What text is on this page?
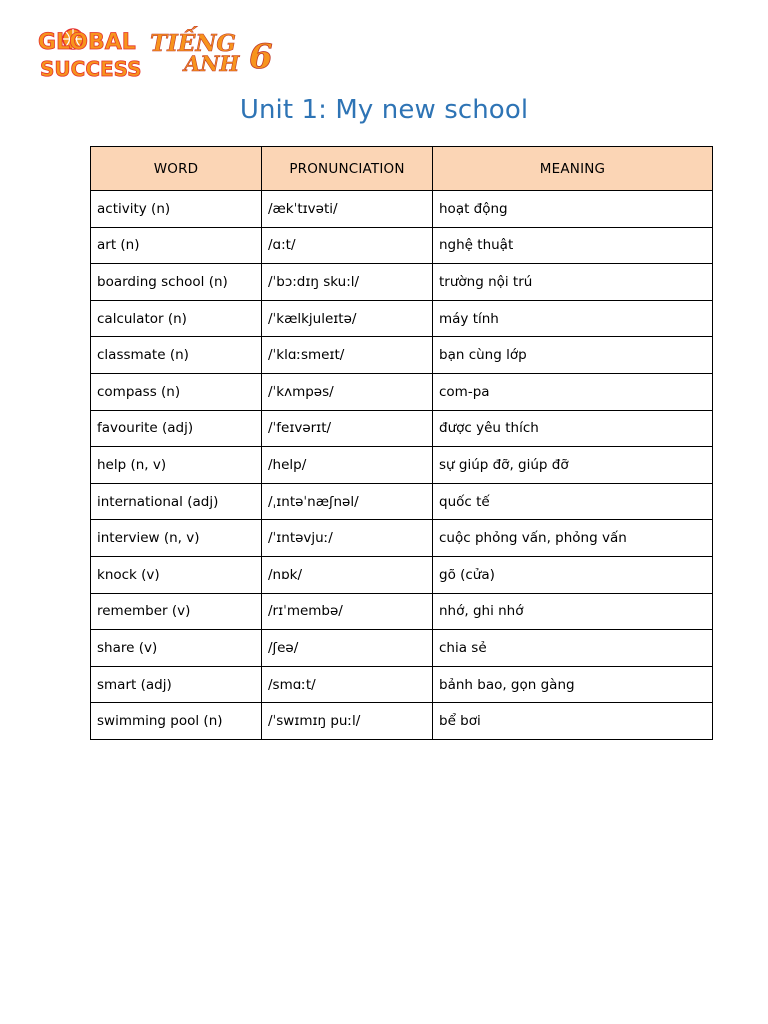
GLOBAL
SUCCESS
TIẾNG
ANH 6
Unit 1: My new school
WORD	PRONUNCIATION	MEANING
activity (n)	/ækˈtɪvəti/	hoạt động
art (n)	/ɑ:t/	nghệ thuật
boarding school (n)	/ˈbɔ:dɪŋ sku:l/	trường nội trú
calculator (n)	/ˈkælkjuleɪtə/	máy tính
classmate (n)	/ˈklɑːsmeɪt/	bạn cùng lớp
compass (n)	/ˈkʌmpəs/	com-pa
favourite (adj)	/ˈfeɪvərɪt/	được yêu thích
help (n, v)	/help/	sự giúp đỡ, giúp đỡ
international (adj)	/ˌɪntəˈnæʃnəl/	quốc tế
interview (n, v)	/ˈɪntəvjuː/	cuộc phỏng vấn, phỏng vấn
knock (v)	/nɒk/	gõ (cửa)
remember (v)	/rɪˈmembə/	nhớ, ghi nhớ
share (v)	/ʃeə/	chia sẻ
smart (adj)	/smɑːt/	bảnh bao, gọn gàng
swimming pool (n)	/ˈswɪmɪŋ puːl/	bể bơi
